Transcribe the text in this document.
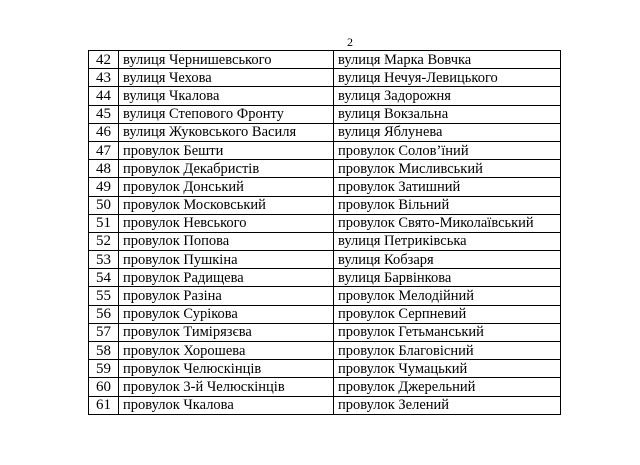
2
42	вулиця Чернишевського	вулиця Марка Вовчка
43	вулиця Чехова	вулиця Нечуя-Левицького
44	вулиця Чкалова	вулиця Задорожня
45	вулиця Степового Фронту	вулиця Вокзальна
46	вулиця Жуковського Василя	вулиця Яблунева
47	провулок Бешти	провулок Солов’їний
48	провулок Декабристів	провулок Мисливський
49	провулок Донський	провулок Затишний
50	провулок Московський	провулок Вільний
51	провулок Невського	провулок Свято-Миколаївський
52	провулок Попова	вулиця Петриківська
53	провулок Пушкіна	вулиця Кобзаря
54	провулок Радищева	вулиця Барвінкова
55	провулок Разіна	провулок Мелодійний
56	провулок Сурікова	провулок Серпневий
57	провулок Тимірязєва	провулок Гетьманський
58	провулок Хорошева	провулок Благовісний
59	провулок Челюскінців	провулок Чумацький
60	провулок 3-й Челюскінців	провулок Джерельний
61	провулок Чкалова	провулок Зелений
